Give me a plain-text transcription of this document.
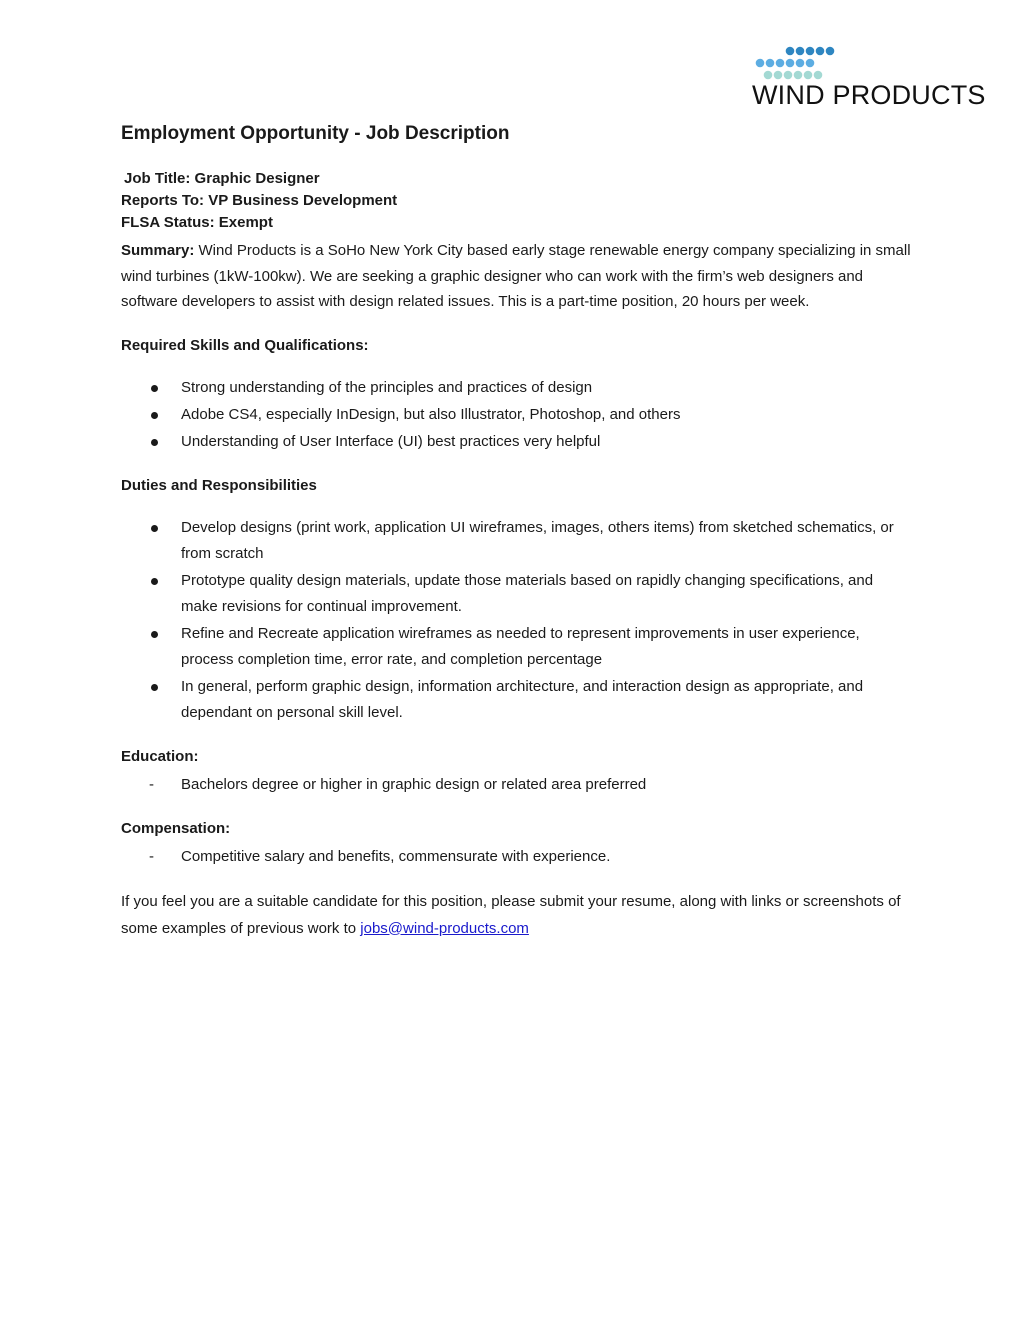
WIND PRODUCTS
Employment Opportunity - Job Description
Job Title: Graphic Designer
Reports To: VP Business Development
FLSA Status: Exempt
Summary: Wind Products is a SoHo New York City based early stage renewable energy company specializing in small wind turbines (1kW-100kw). We are seeking a graphic designer who can work with the firm’s web designers and software developers to assist with design related issues. This is a part-time position, 20 hours per week.
Required Skills and Qualifications:
Strong understanding of the principles and practices of design
Adobe CS4, especially InDesign, but also Illustrator, Photoshop, and others
Understanding of User Interface (UI) best practices very helpful
Duties and Responsibilities
Develop designs (print work, application UI wireframes, images, others items) from sketched schematics, or from scratch
Prototype quality design materials, update those materials based on rapidly changing specifications, and make revisions for continual improvement.
Refine and Recreate application wireframes as needed to represent improvements in user experience, process completion time, error rate, and completion percentage
In general, perform graphic design, information architecture, and interaction design as appropriate, and dependant on personal skill level.
Education:
- Bachelors degree or higher in graphic design or related area preferred
Compensation:
- Competitive salary and benefits, commensurate with experience.
If you feel you are a suitable candidate for this position, please submit your resume, along with links or screenshots of some examples of previous work to jobs@wind-products.com
